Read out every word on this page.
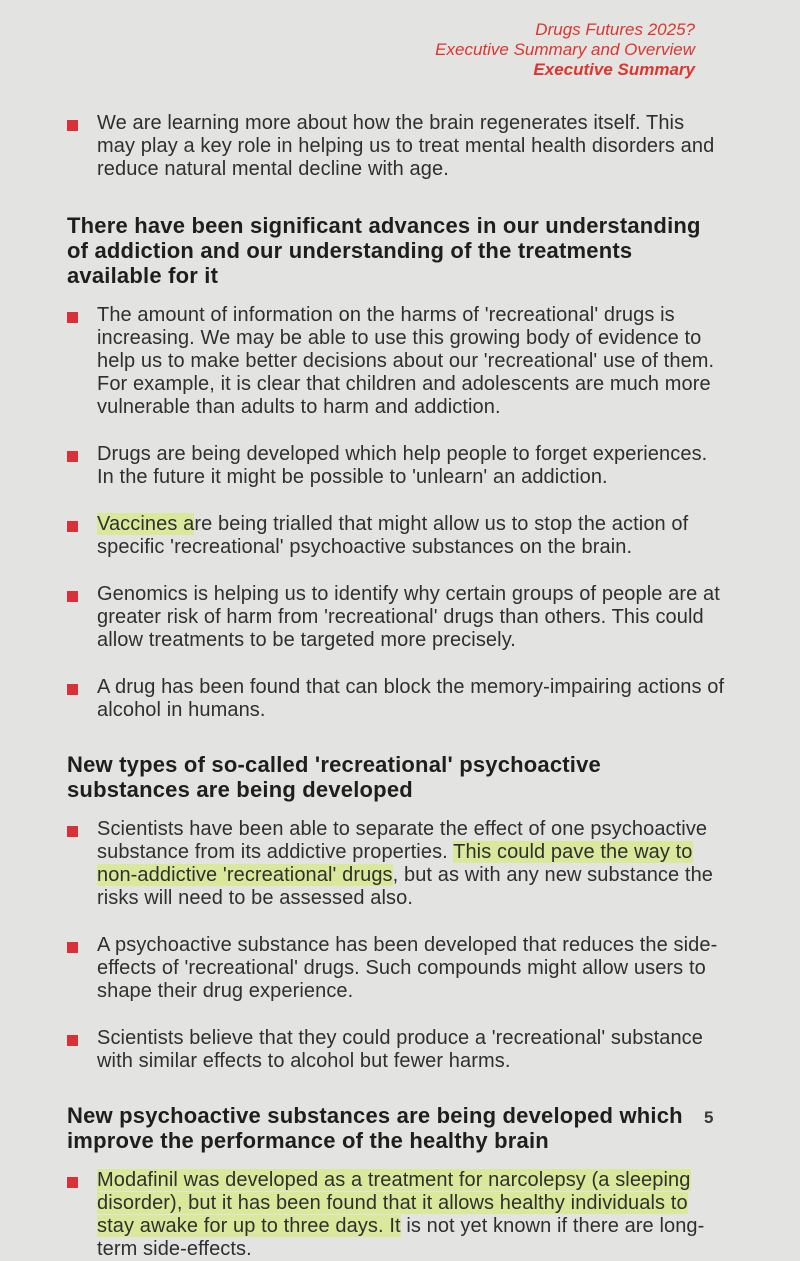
Drugs Futures 2025?
Executive Summary and Overview
Executive Summary
We are learning more about how the brain regenerates itself. This may play a key role in helping us to treat mental health disorders and reduce natural mental decline with age.
There have been significant advances in our understanding of addiction and our understanding of the treatments available for it
The amount of information on the harms of 'recreational' drugs is increasing. We may be able to use this growing body of evidence to help us to make better decisions about our 'recreational' use of them. For example, it is clear that children and adolescents are much more vulnerable than adults to harm and addiction.
Drugs are being developed which help people to forget experiences. In the future it might be possible to 'unlearn' an addiction.
Vaccines are being trialled that might allow us to stop the action of specific 'recreational' psychoactive substances on the brain.
Genomics is helping us to identify why certain groups of people are at greater risk of harm from 'recreational' drugs than others. This could allow treatments to be targeted more precisely.
A drug has been found that can block the memory-impairing actions of alcohol in humans.
New types of so-called 'recreational' psychoactive substances are being developed
Scientists have been able to separate the effect of one psychoactive substance from its addictive properties. This could pave the way to non-addictive 'recreational' drugs, but as with any new substance the risks will need to be assessed also.
A psychoactive substance has been developed that reduces the side-effects of 'recreational' drugs. Such compounds might allow users to shape their drug experience.
Scientists believe that they could produce a 'recreational' substance with similar effects to alcohol but fewer harms.
New psychoactive substances are being developed which improve the performance of the healthy brain
Modafinil was developed as a treatment for narcolepsy (a sleeping disorder), but it has been found that it allows healthy individuals to stay awake for up to three days. It is not yet known if there are long-term side-effects.
5
